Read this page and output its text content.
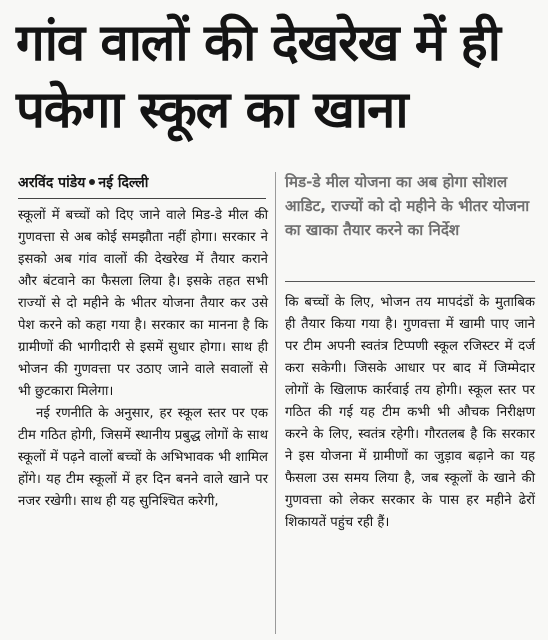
गांव वालों की देखरेख में ही
पकेगा स्कूल का खाना
अरविंद पांडेय नई दिल्ली

स्कूलों में बच्चों को दिए जाने वाले मिड-डे मील की गुणवत्ता से अब कोई समझौता नहीं होगा। सरकार ने इसको अब गांव वालों की देखरेख में तैयार कराने और बंटवाने का फैसला लिया है। इसके तहत सभी राज्यों से दो महीने के भीतर योजना तैयार कर उसे पेश करने को कहा गया है। सरकार का मानना है कि ग्रामीणों की भागीदारी से इसमें सुधार होगा। साथ ही भोजन की गुणवत्ता पर उठाए जाने वाले सवालों से भी छुटकारा मिलेगा।

नई रणनीति के अनुसार, हर स्कूल स्तर पर एक टीम गठित होगी, जिसमें स्थानीय प्रबुद्ध लोगों के साथ स्कूलों में पढ़ने वालों बच्चों के अभिभावक भी शामिल होंगे। यह टीम स्कूलों में हर दिन बनने वाले खाने पर नजर रखेगी। साथ ही यह सुनिश्चित करेगी,

मिड-डे मील योजना का अब होगा सोशल आडिट, राज्यों को दो महीने के भीतर योजना का खाका तैयार करने का निर्देश

कि बच्चों के लिए, भोजन तय मापदंडों के मुताबिक ही तैयार किया गया है। गुणवत्ता में खामी पाए जाने पर टीम अपनी स्वतंत्र टिप्पणी स्कूल रजिस्टर में दर्ज करा सकेगी। जिसके आधार पर बाद में जिम्मेदार लोगों के खिलाफ कार्रवाई तय होगी। स्कूल स्तर पर गठित की गई यह टीम कभी भी औचक निरीक्षण करने के लिए, स्वतंत्र रहेगी। गौरतलब है कि सरकार ने इस योजना में ग्रामीणों का जुड़ाव बढ़ाने का यह फैसला उस समय लिया है, जब स्कूलों के खाने की गुणवत्ता को लेकर सरकार के पास हर महीने ढेरों शिकायतें पहुंच रही हैं।
